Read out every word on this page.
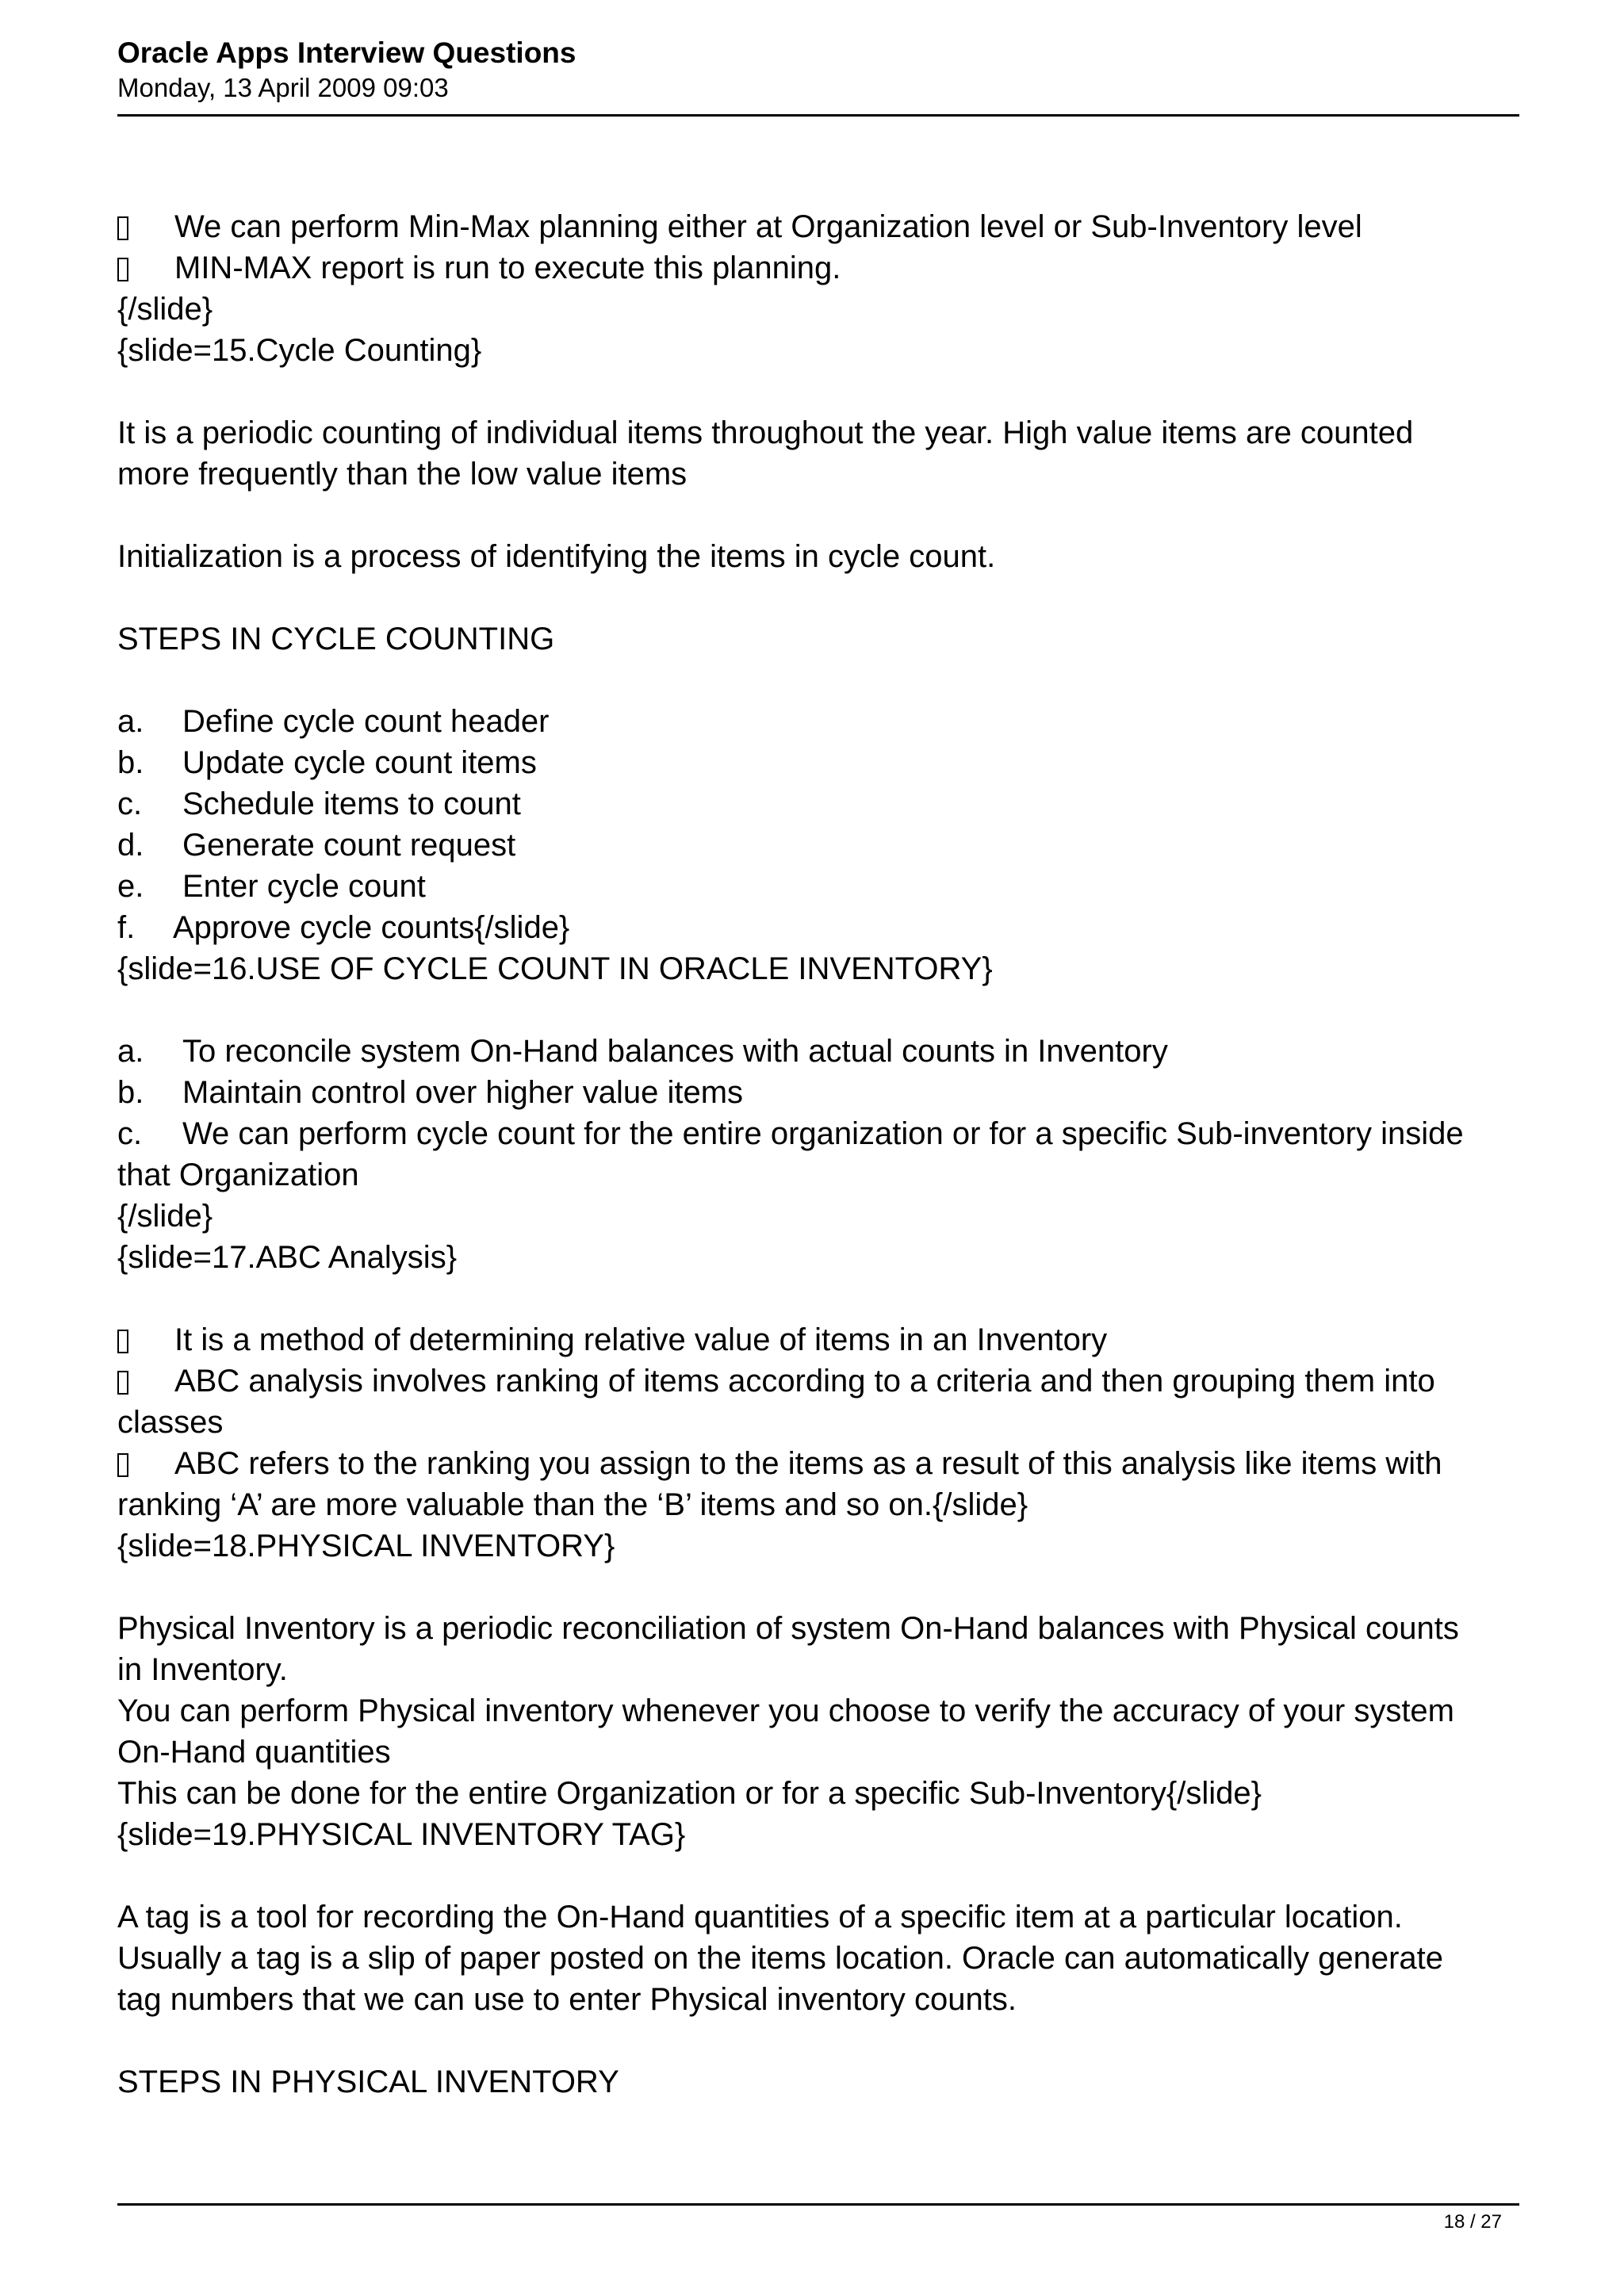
Oracle Apps Interview Questions
Monday, 13 April 2009 09:03
We can perform Min-Max planning either at Organization level or Sub-Inventory level
MIN-MAX report is run to execute this planning.
{/slide}
{slide=15.Cycle Counting}
It is a periodic counting of individual items throughout the year. High value items are counted
more frequently than the low value items
Initialization is a process of identifying the items in cycle count.
STEPS IN CYCLE COUNTING
a. Define cycle count header
b. Update cycle count items
c. Schedule items to count
d. Generate count request
e. Enter cycle count
f. Approve cycle counts{/slide}
{slide=16.USE OF CYCLE COUNT IN ORACLE INVENTORY}
a. To reconcile system On-Hand balances with actual counts in Inventory
b. Maintain control over higher value items
c. We can perform cycle count for the entire organization or for a specific Sub-inventory inside
that Organization
{/slide}
{slide=17.ABC Analysis}
It is a method of determining relative value of items in an Inventory
ABC analysis involves ranking of items according to a criteria and then grouping them into
classes
ABC refers to the ranking you assign to the items as a result of this analysis like items with
ranking ‘A’ are more valuable than the ‘B’ items and so on.{/slide}
{slide=18.PHYSICAL INVENTORY}
Physical Inventory is a periodic reconciliation of system On-Hand balances with Physical counts
in Inventory.
You can perform Physical inventory whenever you choose to verify the accuracy of your system
On-Hand quantities
This can be done for the entire Organization or for a specific Sub-Inventory{/slide}
{slide=19.PHYSICAL INVENTORY TAG}
A tag is a tool for recording the On-Hand quantities of a specific item at a particular location.
Usually a tag is a slip of paper posted on the items location. Oracle can automatically generate
tag numbers that we can use to enter Physical inventory counts.
STEPS IN PHYSICAL INVENTORY
18 / 27
